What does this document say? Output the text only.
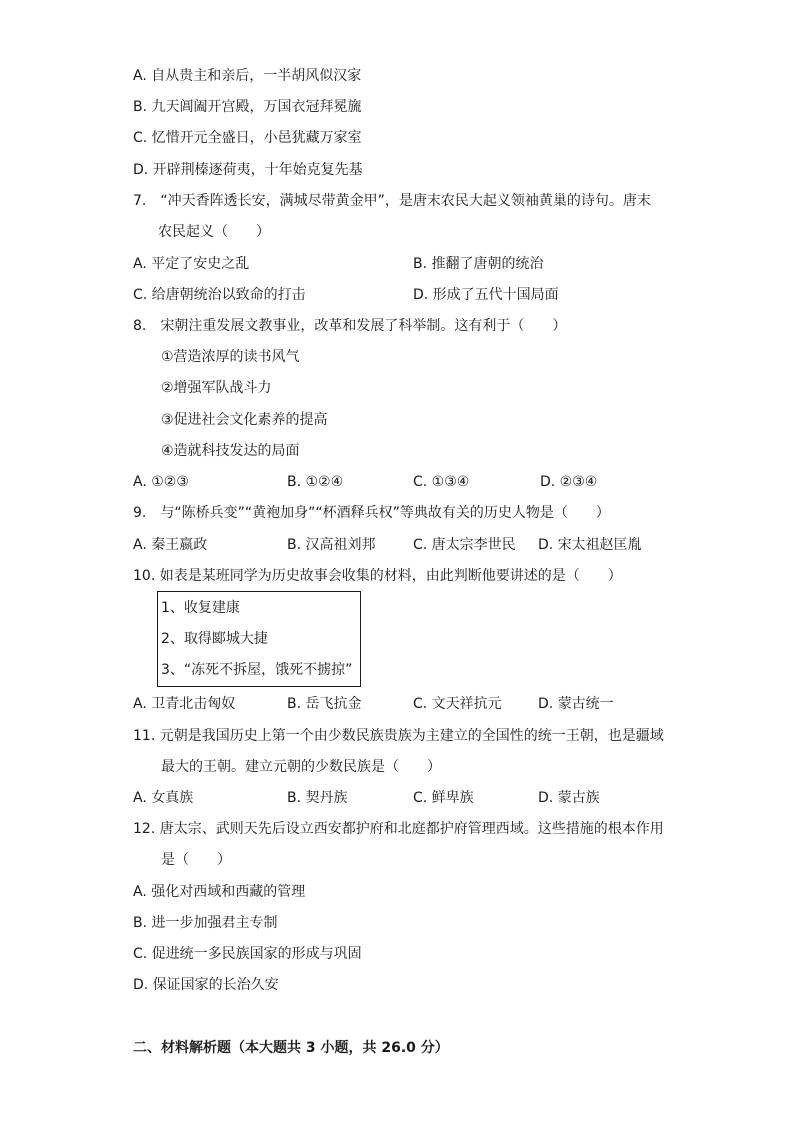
A. 自从贵主和亲后，一半胡风似汉家
B. 九天阊阖开宫殿，万国衣冠拜冕旒
C. 忆惜开元全盛日，小邑犹藏万家室
D. 开辟荆榛逐荷夷，十年始克复先基
7.　“冲天香阵透长安，满城尽带黄金甲”，是唐末农民大起义领袖黄巢的诗句。唐末
农民起义（　　）
A. 平定了安史之乱	B. 推翻了唐朝的统治
C. 给唐朝统治以致命的打击	D. 形成了五代十国局面
8.　宋朝注重发展文教事业，改革和发展了科举制。这有利于（　　）
①营造浓厚的读书风气
②增强军队战斗力
③促进社会文化素养的提高
④造就科技发达的局面
A. ①②③	B. ①②④	C. ①③④	D. ②③④
9.　与“陈桥兵变”“黄袍加身”“杯酒释兵权”等典故有关的历史人物是（　　）
A. 秦王嬴政	B. 汉高祖刘邦	C. 唐太宗李世民 D. 宋太祖赵匡胤
10. 如表是某班同学为历史故事会收集的材料，由此判断他要讲述的是（　　）
1、收复建康
2、取得郾城大捷
3、“冻死不拆屋，饿死不掳掠”
A. 卫青北击匈奴	B. 岳飞抗金	C. 文天祥抗元	D. 蒙古统一
11. 元朝是我国历史上第一个由少数民族贵族为主建立的全国性的统一王朝，也是疆域
最大的王朝。建立元朝的少数民族是（　　）
A. 女真族	B. 契丹族	C. 鲜卑族	D. 蒙古族
12. 唐太宗、武则天先后设立西安都护府和北庭都护府管理西域。这些措施的根本作用
是（　　）
A. 强化对西域和西藏的管理
B. 进一步加强君主专制
C. 促进统一多民族国家的形成与巩固
D. 保证国家的长治久安
二、材料解析题（本大题共 3 小题，共 26.0 分）
